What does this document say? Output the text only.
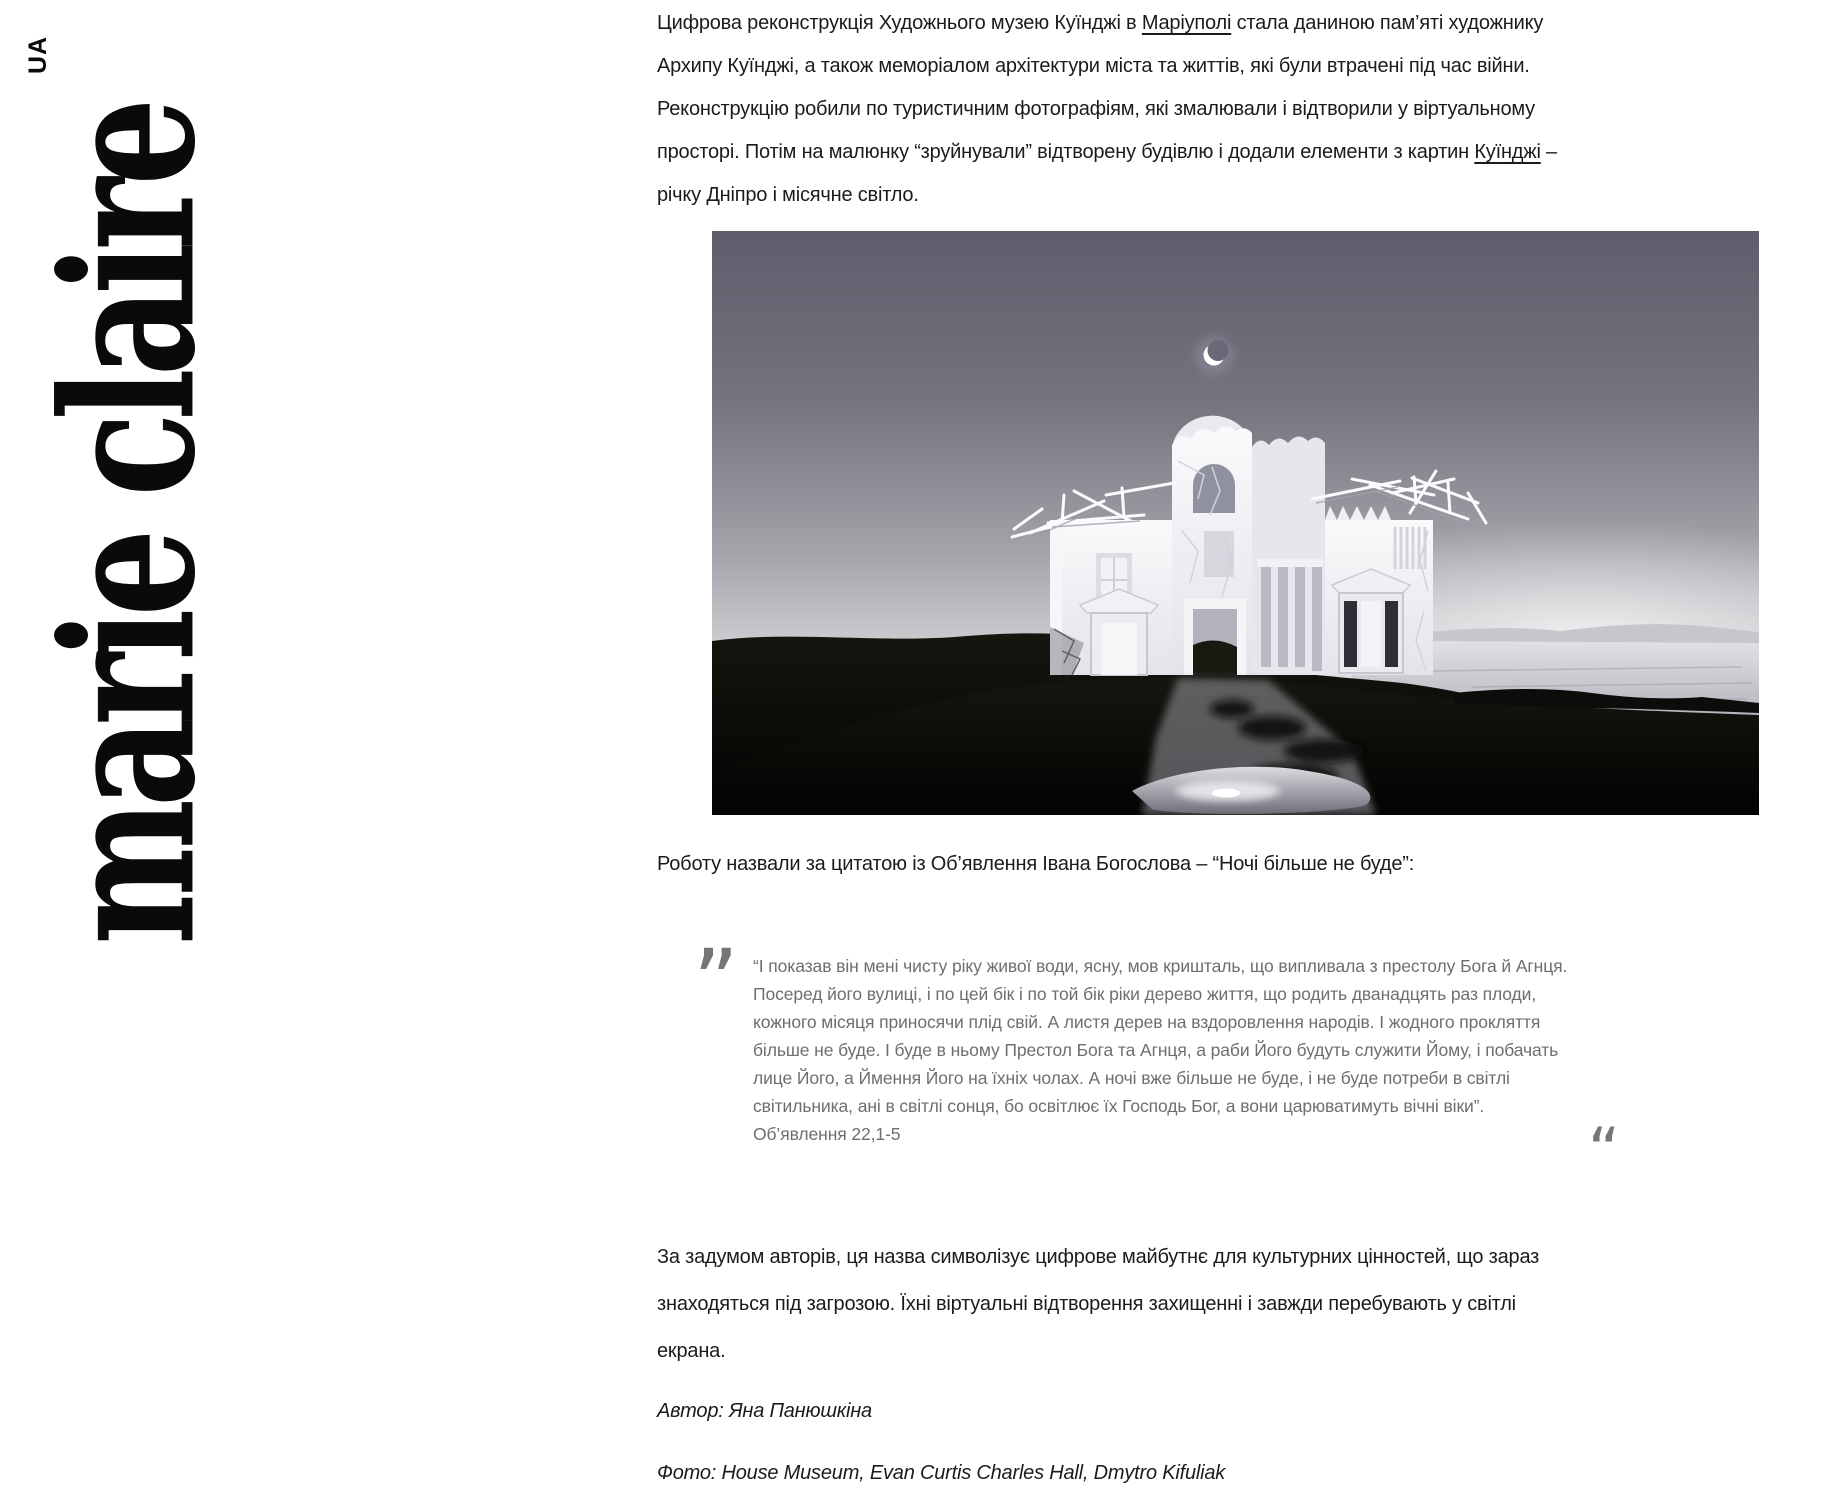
UA
marie claire

Цифрова реконструкція Художнього музею Куїнджі в Маріуполі стала даниною пам’яті художнику Архипу Куїнджі, а також меморіалом архітектури міста та життів, які були втрачені під час війни. Реконструкцію робили по туристичним фотографіям, які змалювали і відтворили у віртуальному просторі. Потім на малюнку “зруйнували” відтворену будівлю і додали елементи з картин Куїнджі – річку Дніпро і місячне світло.

Роботу назвали за цитатою із Об’явлення Івана Богослова – “Ночі більше не буде”:

” “І показав він мені чисту ріку живої води, ясну, мов кришталь, що випливала з престолу Бога й Агнця. Посеред його вулиці, і по цей бік і по той бік ріки дерево життя, що родить дванадцять раз плоди, кожного місяця приносячи плід свій. А листя дерев на вздоровлення народів. І жодного прокляття більше не буде. І буде в ньому Престол Бога та Агнця, а раби Його будуть служити Йому, і побачать лице Його, а Ймення Його на їхніх чолах. А ночі вже більше не буде, і не буде потреби в світлі світильника, ані в світлі сонця, бо освітлює їх Господь Бог, а вони царюватимуть вічні віки”. Об’явлення 22,1-5	“

За задумом авторів, ця назва символізує цифрове майбутнє для культурних цінностей, що зараз знаходяться під загрозою. Їхні віртуальні відтворення захищенні і завжди перебувають у світлі екрана.

Автор: Яна Панюшкіна

Фото: House Museum, Evan Curtis Charles Hall, Dmytro Kifuliak
